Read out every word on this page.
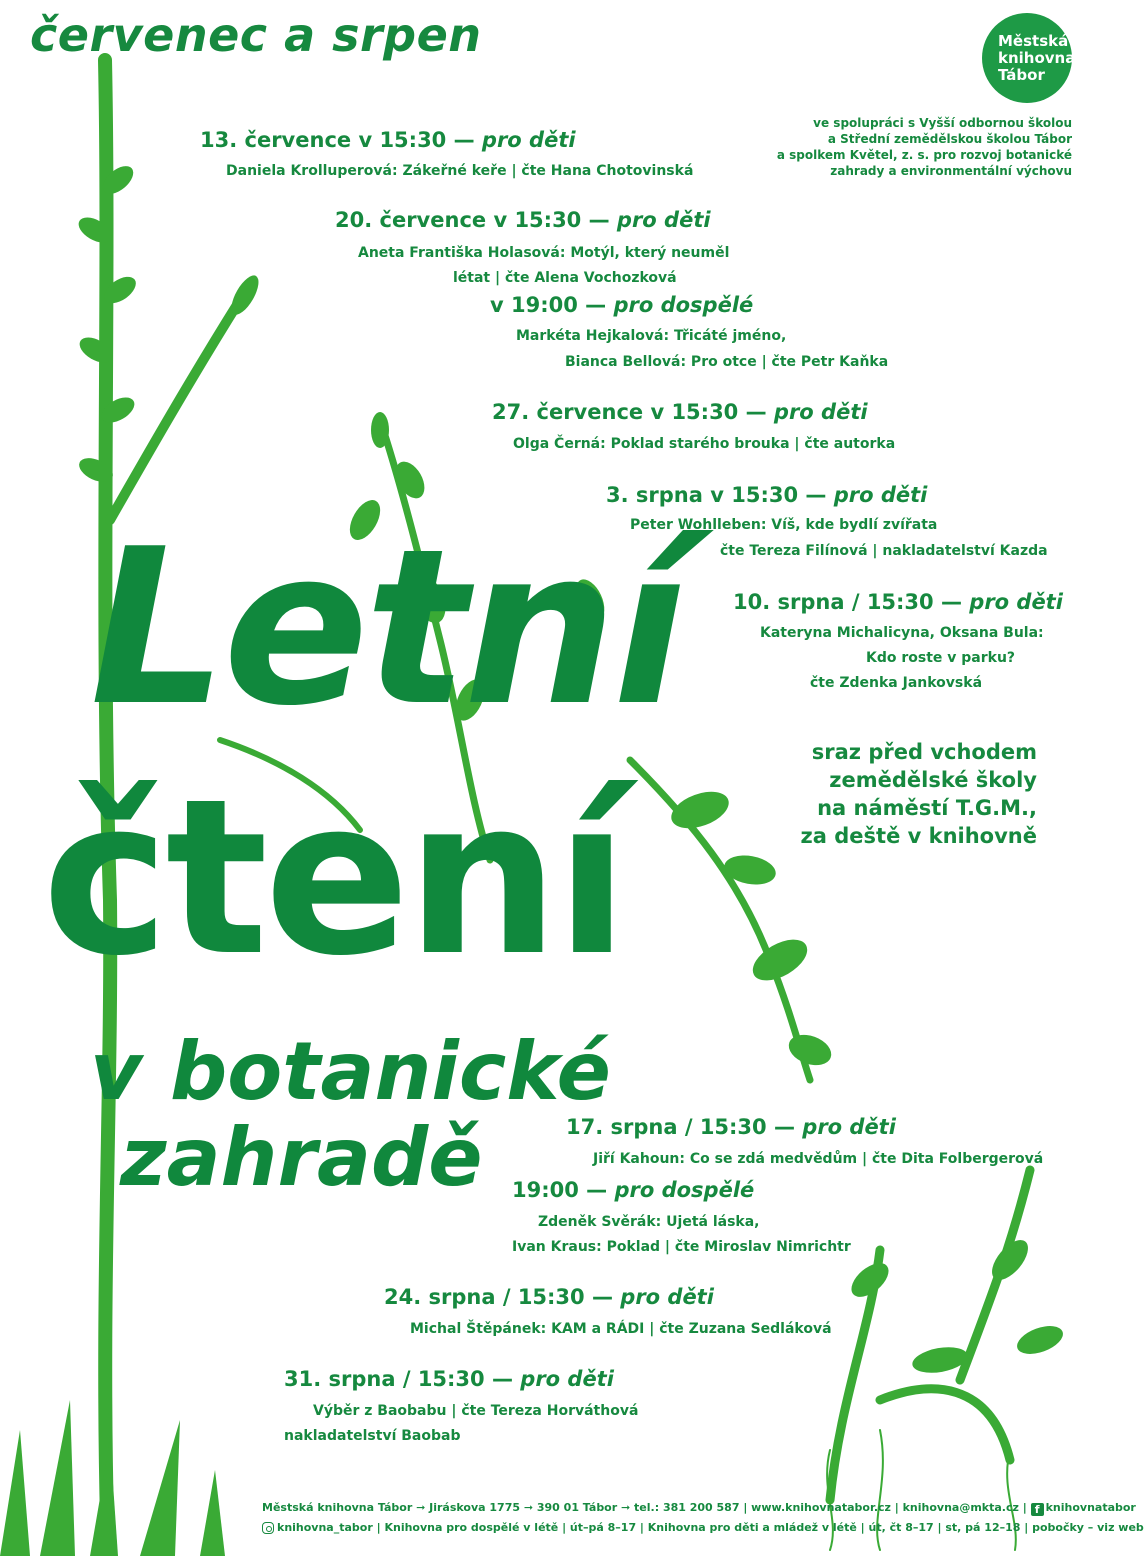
červenec a srpen	Městská
knihovna
Tábor
ve spolupráci s Vyšší odbornou školou
a Střední zemědělskou školou Tábor
a spolkem Květel, z. s. pro rozvoj botanické
zahrady a environmentální výchovu
Letní
čtení
v botanické
zahradě
13. července v 15:30 — pro děti
Daniela Krolluperová: Zákeřné keře | čte Hana Chotovinská
20. července v 15:30 — pro děti
Aneta Františka Holasová: Motýl, který neuměl
létat | čte Alena Vochozková
v 19:00 — pro dospělé
Markéta Hejkalová: Třicáté jméno,
Bianca Bellová: Pro otce | čte Petr Kaňka
27. července v 15:30 — pro děti
Olga Černá: Poklad starého brouka | čte autorka
3. srpna v 15:30 — pro děti
Peter Wohlleben: Víš, kde bydlí zvířata
čte Tereza Filínová | nakladatelství Kazda
10. srpna / 15:30 — pro děti
Kateryna Michalicyna, Oksana Bula:
Kdo roste v parku?
čte Zdenka Jankovská
sraz před vchodem
zemědělské školy
na náměstí T.G.M.,
za deště v knihovně
17. srpna / 15:30 — pro děti
Jiří Kahoun: Co se zdá medvědům | čte Dita Folbergerová
19:00 — pro dospělé
Zdeněk Svěrák: Ujetá láska,
Ivan Kraus: Poklad | čte Miroslav Nimrichtr
24. srpna / 15:30 — pro děti
Michal Štěpánek: KAM a RÁDI | čte Zuzana Sedláková
31. srpna / 15:30 — pro děti
Výběr z Baobabu | čte Tereza Horváthová
nakladatelství Baobab
Městská knihovna Tábor ➞ Jiráskova 1775 ➞ 390 01 Tábor ➞ tel.: 381 200 587 | www.knihovnatabor.cz | knihovna@mkta.cz | f knihovnatabor
knihovna_tabor | Knihovna pro dospělé v létě | út–pá 8–17 | Knihovna pro děti a mládež v létě | út, čt 8–17 | st, pá 12–18 | pobočky – viz web
